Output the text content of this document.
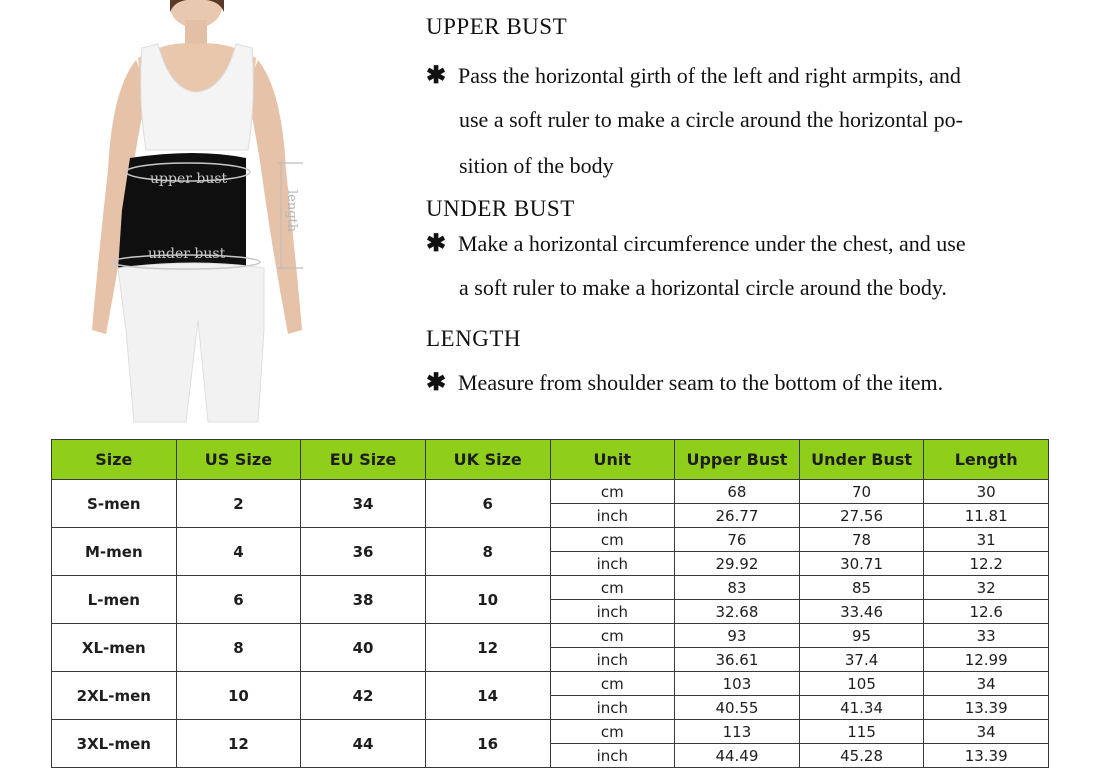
upper bust
under bust
length
UPPER BUST
✱ Pass the horizontal girth of the left and right armpits, and
use a soft ruler to make a circle around the horizontal po-
sition of the body
UNDER BUST
✱ Make a horizontal circumference under the chest, and use
a soft ruler to make a horizontal circle around the body.
LENGTH
✱ Measure from shoulder seam to the bottom of the item.
Size	US Size	EU Size	UK Size	Unit	Upper Bust	Under Bust	Length
S-men	2	34	6	cm	68	70	30
				inch	26.77	27.56	11.81
M-men	4	36	8	cm	76	78	31
				inch	29.92	30.71	12.2
L-men	6	38	10	cm	83	85	32
				inch	32.68	33.46	12.6
XL-men	8	40	12	cm	93	95	33
				inch	36.61	37.4	12.99
2XL-men	10	42	14	cm	103	105	34
				inch	40.55	41.34	13.39
3XL-men	12	44	16	cm	113	115	34
				inch	44.49	45.28	13.39
